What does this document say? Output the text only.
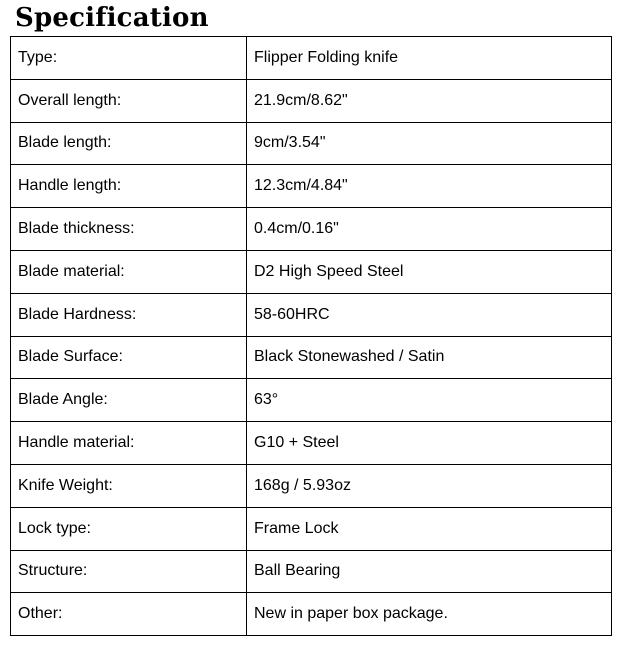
Specification
Type:	Flipper Folding knife
Overall length:	21.9cm/8.62"
Blade length:	9cm/3.54"
Handle length:	12.3cm/4.84"
Blade thickness:	0.4cm/0.16"
Blade material:	D2 High Speed Steel
Blade Hardness:	58-60HRC
Blade Surface:	Black Stonewashed / Satin
Blade Angle:	63°
Handle material:	G10 + Steel
Knife Weight:	168g / 5.93oz
Lock type:	Frame Lock
Structure:	Ball Bearing
Other:	New in paper box package.
